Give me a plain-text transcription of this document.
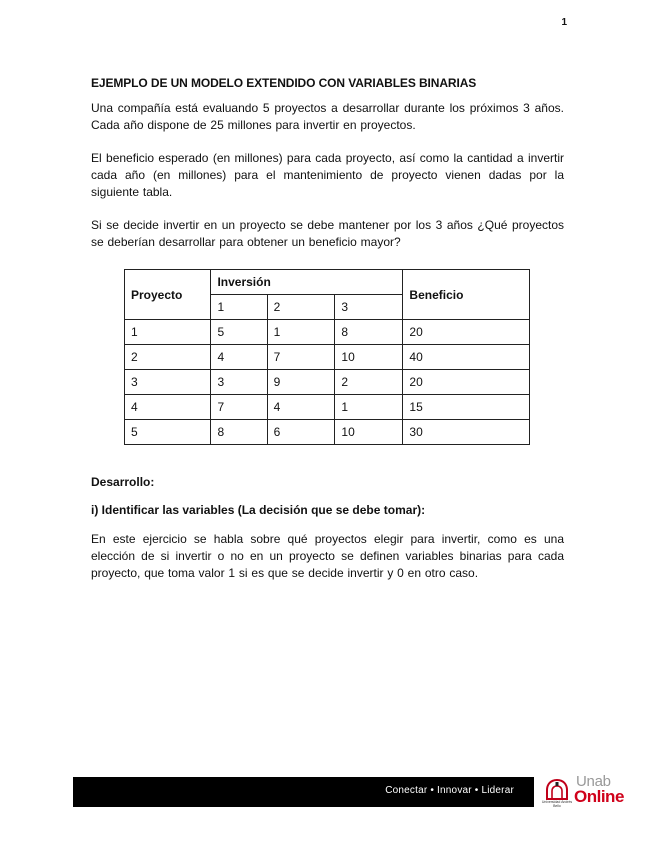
1
EJEMPLO DE UN MODELO EXTENDIDO CON VARIABLES BINARIAS

Una compañía está evaluando 5 proyectos a desarrollar durante los próximos 3 años. Cada año dispone de 25 millones para invertir en proyectos.

El beneficio esperado (en millones) para cada proyecto, así como la cantidad a invertir cada año (en millones) para el mantenimiento de proyecto vienen dadas por la siguiente tabla.

Si se decide invertir en un proyecto se debe mantener por los 3 años ¿Qué proyectos se deberían desarrollar para obtener un beneficio mayor?

Proyecto	Inversión			Beneficio
	1	2	3	
1	5	1	8	20
2	4	7	10	40
3	3	9	2	20
4	7	4	1	15
5	8	6	10	30

Desarrollo:

i) Identificar las variables (La decisión que se debe tomar):

En este ejercicio se habla sobre qué proyectos elegir para invertir, como es una elección de si invertir o no en un proyecto se definen variables binarias para cada proyecto, que toma valor 1 si es que se decide invertir y 0 en otro caso.

Conectar • Innovar • Liderar
Universidad Andrés Bello
Unab
Online
